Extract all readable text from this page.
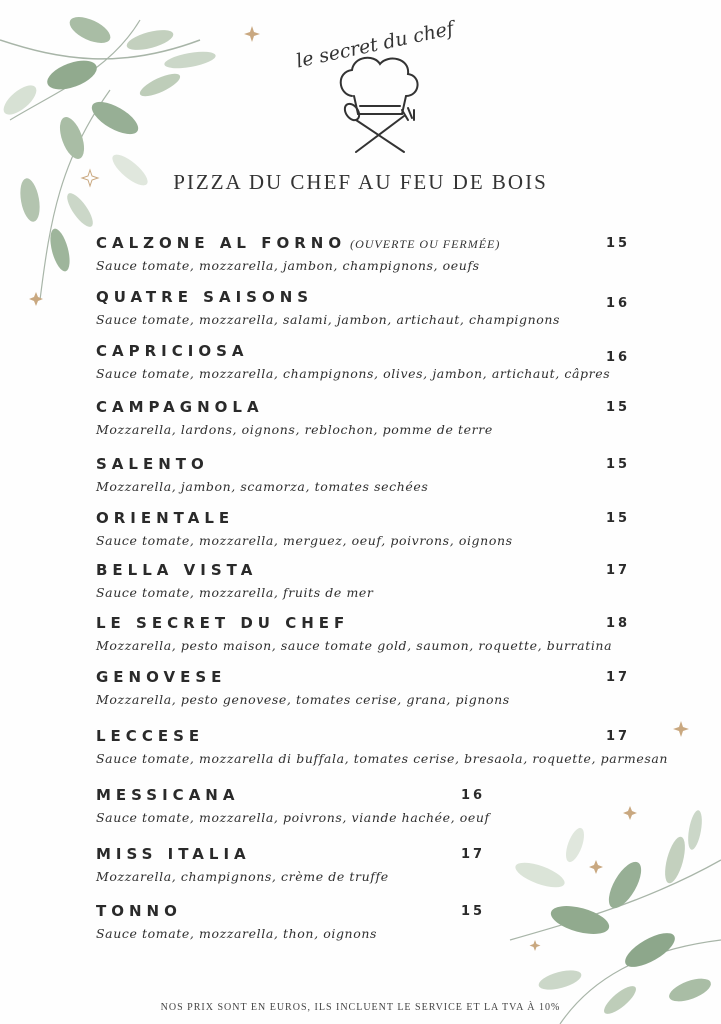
le secret du chef
PIZZA DU CHEF AU FEU DE BOIS
CALZONE AL FORNO (OUVERTE OU FERMÉE)
Sauce tomate, mozzarella, jambon, champignons, oeufs
15
QUATRE SAISONS
Sauce tomate, mozzarella, salami, jambon, artichaut, champignons
16
CAPRICIOSA
Sauce tomate, mozzarella, champignons, olives, jambon, artichaut, câpres
16
CAMPAGNOLA
Mozzarella, lardons, oignons, reblochon, pomme de terre
15
SALENTO
Mozzarella, jambon, scamorza, tomates sechées
15
ORIENTALE
Sauce tomate, mozzarella, merguez, oeuf, poivrons, oignons
15
BELLA VISTA
Sauce tomate, mozzarella, fruits de mer
17
LE SECRET DU CHEF
Mozzarella, pesto maison, sauce tomate gold, saumon, roquette, burratina
18
GENOVESE
Mozzarella, pesto genovese, tomates cerise, grana, pignons
17
LECCESE
Sauce tomate, mozzarella di buffala, tomates cerise, bresaola, roquette, parmesan
17
MESSICANA
Sauce tomate, mozzarella, poivrons, viande hachée, oeuf
16
MISS ITALIA
Mozzarella, champignons, crème de truffe
17
TONNO
Sauce tomate, mozzarella, thon, oignons
15
NOS PRIX SONT EN EUROS, ILS INCLUENT LE SERVICE ET LA TVA À 10%
